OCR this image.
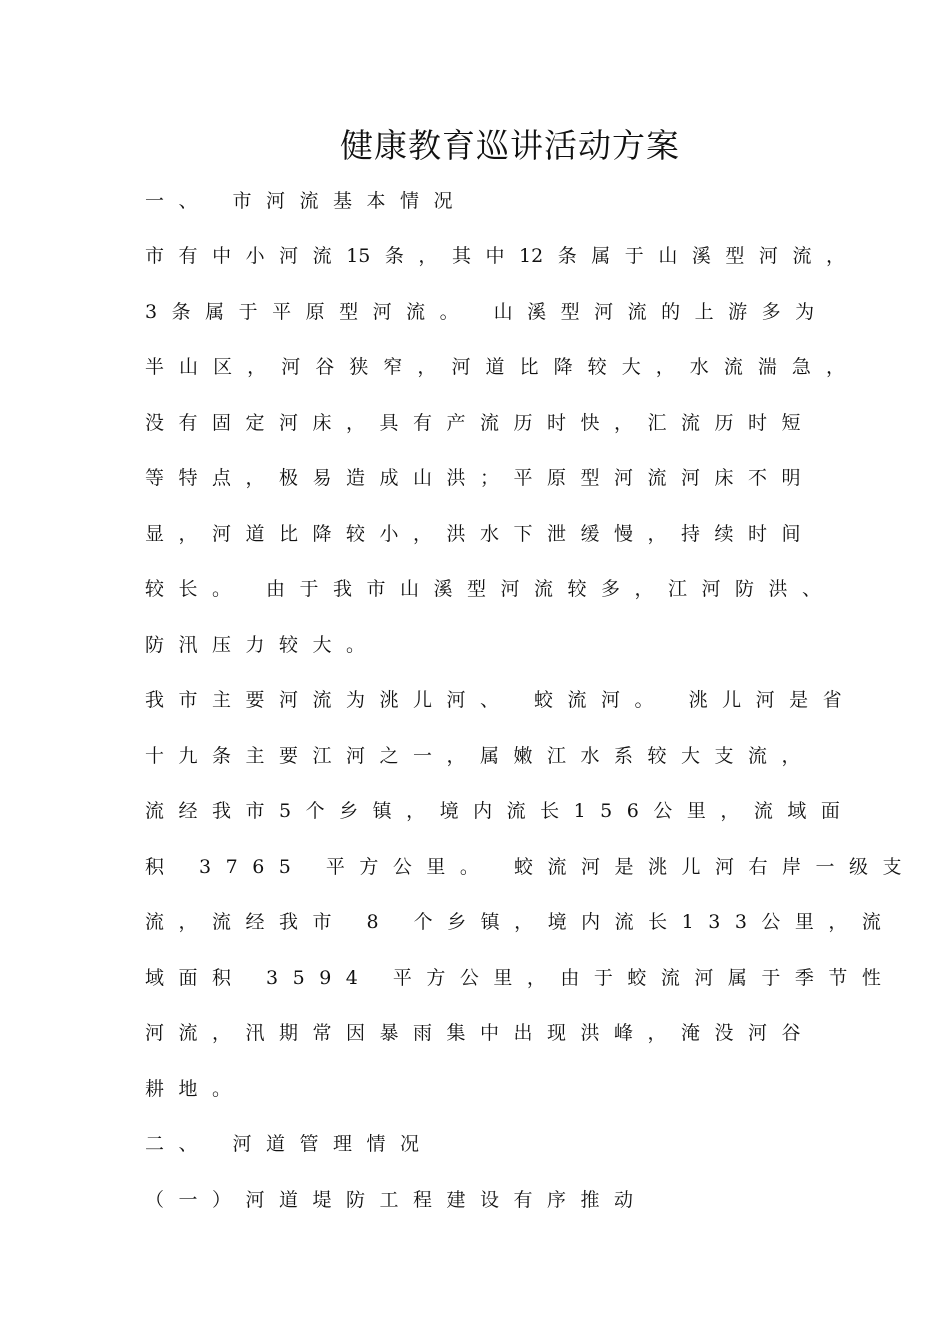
健康教育巡讲活动方案

一、 市河流基本情况

市有中小河流15条，其中12条属于山溪型河流，

3条属于平原型河流。 山溪型河流的上游多为

半山区，河谷狭窄，河道比降较大，水流湍急，

没有固定河床，具有产流历时快，汇流历时短

等特点，极易造成山洪；平原型河流河床不明

显，河道比降较小，洪水下泄缓慢，持续时间

较长。 由于我市山溪型河流较多，江河防洪、

防汛压力较大。

我市主要河流为洮儿河、 蛟流河。 洮儿河是省

十九条主要江河之一，属嫩江水系较大支流，

流经我市5个乡镇，境内流长156公里，流域面

积 3765 平方公里。 蛟流河是洮儿河右岸一级支

流，流经我市 8 个乡镇，境内流长133公里，流

域面积 3594 平方公里，由于蛟流河属于季节性

河流，汛期常因暴雨集中出现洪峰，淹没河谷

耕地。

二、 河道管理情况

（一）河道堤防工程建设有序推动
